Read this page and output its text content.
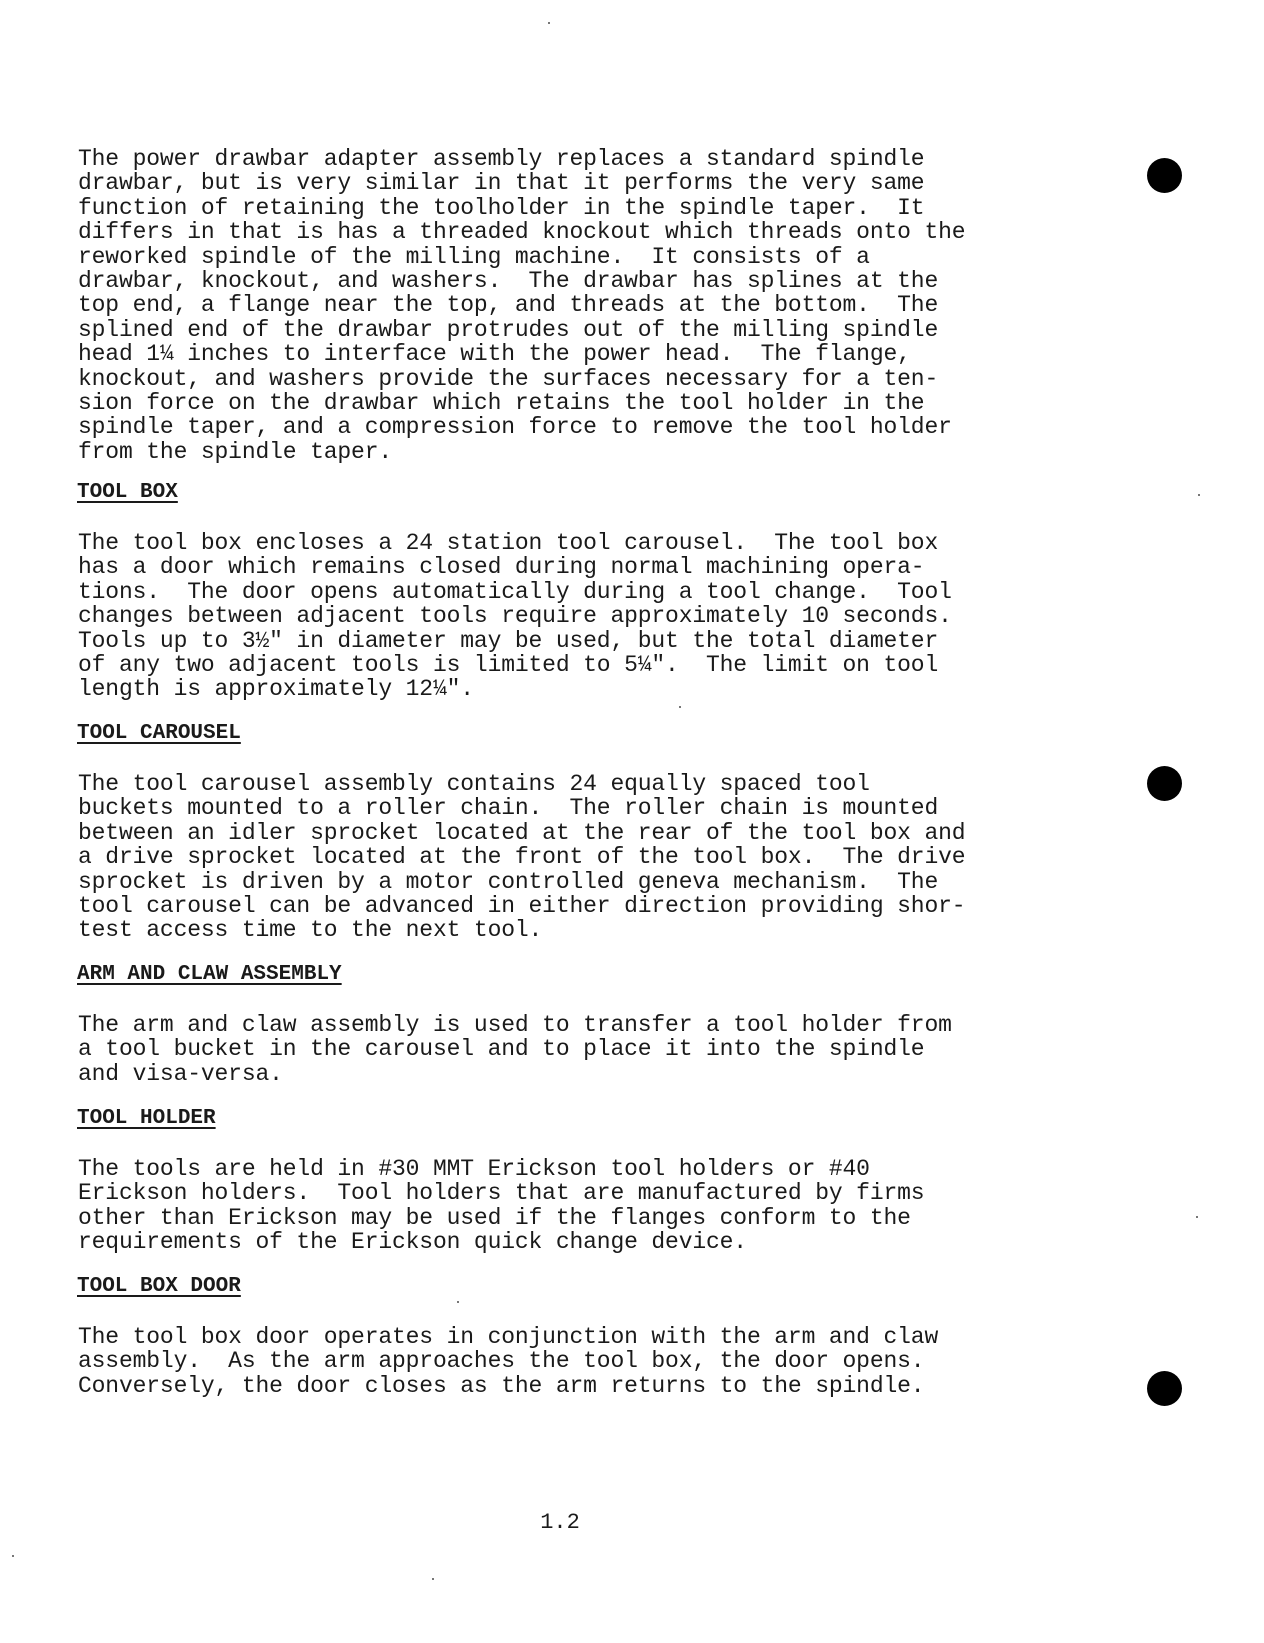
The power drawbar adapter assembly replaces a standard spindle
drawbar, but is very similar in that it performs the very same
function of retaining the toolholder in the spindle taper.  It
differs in that is has a threaded knockout which threads onto the
reworked spindle of the milling machine.  It consists of a
drawbar, knockout, and washers.  The drawbar has splines at the
top end, a flange near the top, and threads at the bottom.  The
splined end of the drawbar protrudes out of the milling spindle
head 1¼ inches to interface with the power head.  The flange,
knockout, and washers provide the surfaces necessary for a ten-
sion force on the drawbar which retains the tool holder in the
spindle taper, and a compression force to remove the tool holder
from the spindle taper.

TOOL BOX

The tool box encloses a 24 station tool carousel.  The tool box
has a door which remains closed during normal machining opera-
tions.  The door opens automatically during a tool change.  Tool
changes between adjacent tools require approximately 10 seconds.
Tools up to 3½" in diameter may be used, but the total diameter
of any two adjacent tools is limited to 5¼".  The limit on tool
length is approximately 12¼".

TOOL CAROUSEL

The tool carousel assembly contains 24 equally spaced tool
buckets mounted to a roller chain.  The roller chain is mounted
between an idler sprocket located at the rear of the tool box and
a drive sprocket located at the front of the tool box.  The drive
sprocket is driven by a motor controlled geneva mechanism.  The
tool carousel can be advanced in either direction providing shor-
test access time to the next tool.

ARM AND CLAW ASSEMBLY

The arm and claw assembly is used to transfer a tool holder from
a tool bucket in the carousel and to place it into the spindle
and visa-versa.

TOOL HOLDER

The tools are held in #30 MMT Erickson tool holders or #40
Erickson holders.  Tool holders that are manufactured by firms
other than Erickson may be used if the flanges conform to the
requirements of the Erickson quick change device.

TOOL BOX DOOR

The tool box door operates in conjunction with the arm and claw
assembly.  As the arm approaches the tool box, the door opens.
Conversely, the door closes as the arm returns to the spindle.

1.2
